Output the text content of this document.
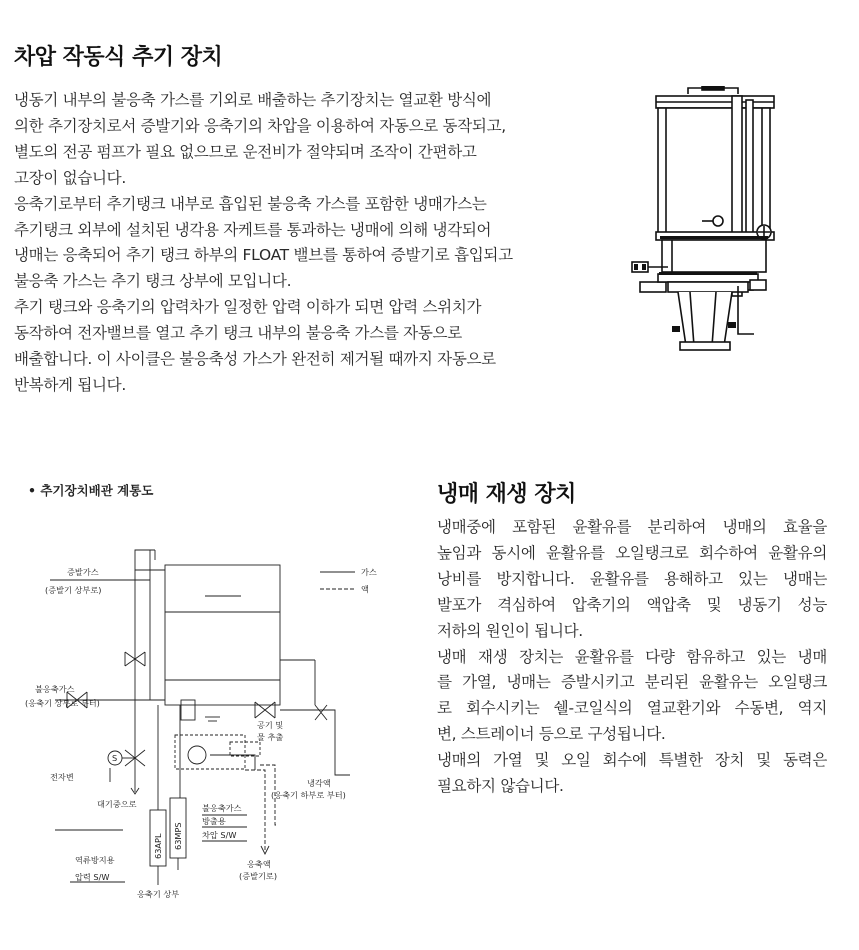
차압 작동식 추기 장치
냉동기 내부의 불응축 가스를 기외로 배출하는 추기장치는 열교환 방식에
의한 추기장치로서 증발기와 응축기의 차압을 이용하여 자동으로 동작되고,
별도의 전공 펌프가 필요 없으므로 운전비가 절약되며 조작이 간편하고
고장이 없습니다.
응축기로부터 추기탱크 내부로 흡입된 불응축 가스를 포함한 냉매가스는
추기탱크 외부에 설치된 냉각용 자케트를 통과하는 냉매에 의해 냉각되어
냉매는 응축되어 추기 탱크 하부의 FLOAT 밸브를 통하여 증발기로 흡입되고
불응축 가스는 추기 탱크 상부에 모입니다.
추기 탱크와 응축기의 압력차가 일정한 압력 이하가 되면 압력 스위치가
동작하여 전자밸브를 열고 추기 탱크 내부의 불응축 가스를 자동으로
배출합니다. 이 사이클은 불응축성 가스가 완전히 제거될 때까지 자동으로
반복하게 됩니다.
• 추기장치배관 계통도
증발가스
(증발기 상부로)
불응축가스
(응축기 상부로 부터)
S
전자변
대기중으로
역류방지용
압력 S/W
응축기 상부
가스
액
공기 및
물 추출
냉각액
(응축기 하부로 부터)
불응축가스
방출용
차압 S/W
응축액
(증발기로)
63APL 63MPS
냉매 재생 장치
냉매중에 포함된 윤활유를 분리하여 냉매의 효율을
높임과 동시에 윤활유를 오일탱크로 회수하여 윤활유의
낭비를 방지합니다. 윤활유를 용해하고 있는 냉매는
발포가 격심하여 압축기의 액압축 및 냉동기 성능
저하의 원인이 됩니다.
냉매 재생 장치는 윤활유를 다량 함유하고 있는 냉매
를 가열, 냉매는 증발시키고 분리된 윤활유는 오일탱크
로 회수시키는 쉘-코일식의 열교환기와 수동변, 역지
변, 스트레이너 등으로 구성됩니다.
냉매의 가열 및 오일 회수에 특별한 장치 및 동력은
필요하지 않습니다.
